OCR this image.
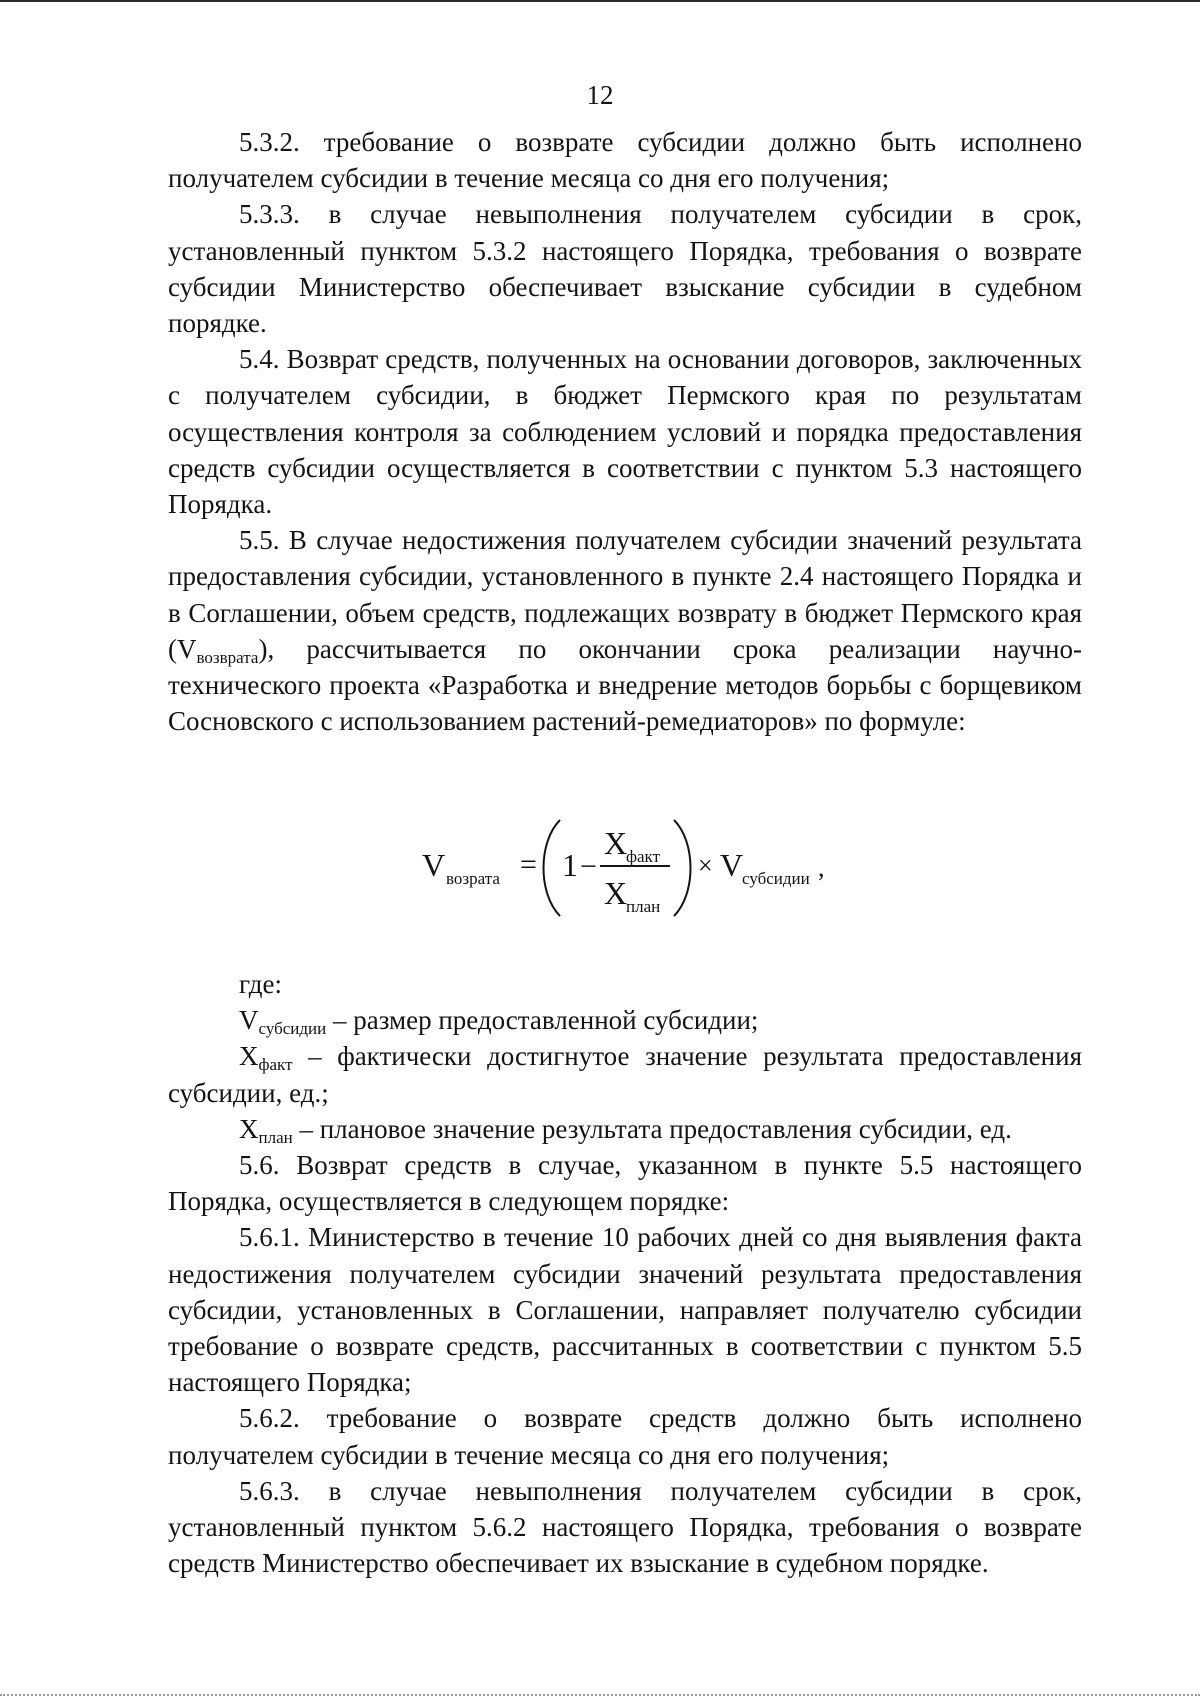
12

5.3.2. требование о возврате субсидии должно быть исполнено получателем субсидии в течение месяца со дня его получения;

5.3.3. в случае невыполнения получателем субсидии в срок, установленный пунктом 5.3.2 настоящего Порядка, требования о возврате субсидии Министерство обеспечивает взыскание субсидии в судебном порядке.

5.4. Возврат средств, полученных на основании договоров, заключенных с получателем субсидии, в бюджет Пермского края по результатам осуществления контроля за соблюдением условий и порядка предоставления средств субсидии осуществляется в соответствии с пунктом 5.3 настоящего Порядка.

5.5. В случае недостижения получателем субсидии значений результата предоставления субсидии, установленного в пункте 2.4 настоящего Порядка и в Соглашении, объем средств, подлежащих возврату в бюджет Пермского края $(V_{возврата})$, рассчитывается по окончании срока реализации научно-технического проекта «Разработка и внедрение методов борьбы с борщевиком Сосновского с использованием растений-ремедиаторов» по формуле:

V возрата = 1 −
X
факт
X
план
× V
субсидии ,

где:

$V_{субсидии}$ – размер предоставленной субсидии;

$X_{факт}$ – фактически достигнутое значение результата предоставления субсидии, ед.;

$X_{план}$ – плановое значение результата предоставления субсидии, ед.

5.6. Возврат средств в случае, указанном в пункте 5.5 настоящего Порядка, осуществляется в следующем порядке:

5.6.1. Министерство в течение 10 рабочих дней со дня выявления факта недостижения получателем субсидии значений результата предоставления субсидии, установленных в Соглашении, направляет получателю субсидии требование о возврате средств, рассчитанных в соответствии с пунктом 5.5 настоящего Порядка;

5.6.2. требование о возврате средств должно быть исполнено получателем субсидии в течение месяца со дня его получения;

5.6.3. в случае невыполнения получателем субсидии в срок, установленный пунктом 5.6.2 настоящего Порядка, требования о возврате средств Министерство обеспечивает их взыскание в судебном порядке.
